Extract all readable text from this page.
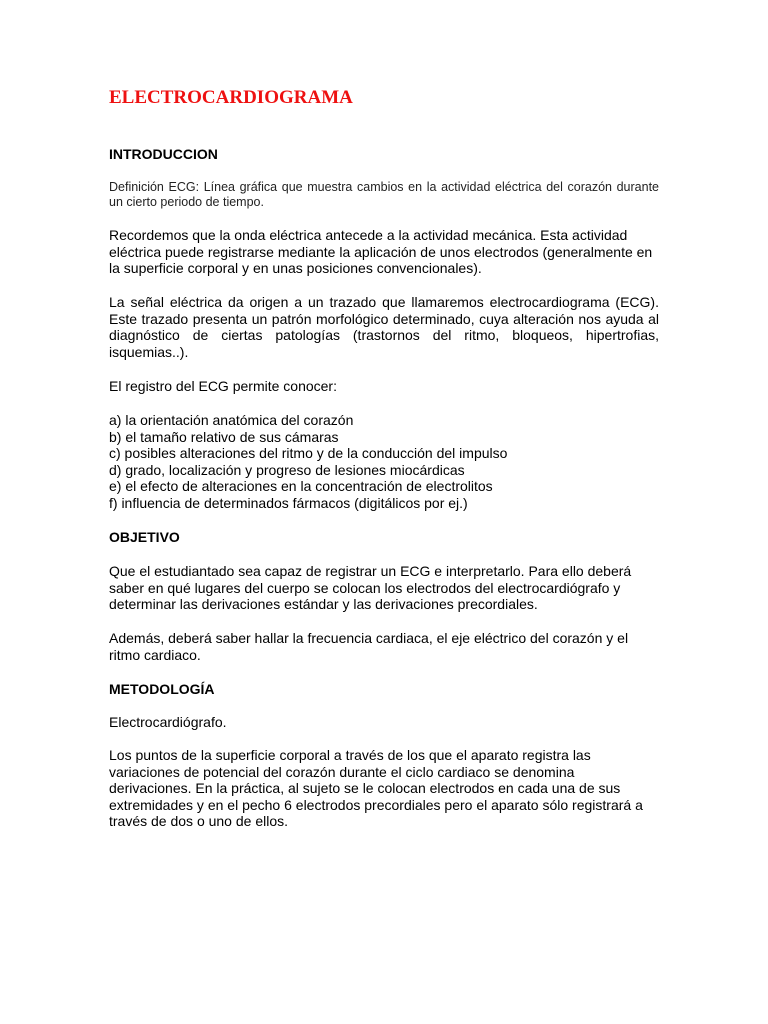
ELECTROCARDIOGRAMA
INTRODUCCION

Definición ECG: Línea gráfica que muestra cambios en la actividad eléctrica del corazón durante un cierto periodo de tiempo.

Recordemos que la onda eléctrica antecede a la actividad mecánica. Esta actividad eléctrica puede registrarse mediante la aplicación de unos electrodos (generalmente en la superficie corporal y en unas posiciones convencionales).

La señal eléctrica da origen a un trazado que llamaremos electrocardiograma (ECG). Este trazado presenta un patrón morfológico determinado, cuya alteración nos ayuda al diagnóstico de ciertas patologías (trastornos del ritmo, bloqueos, hipertrofias, isquemias..).

El registro del ECG permite conocer:

a) la orientación anatómica del corazón
b) el tamaño relativo de sus cámaras
c) posibles alteraciones del ritmo y de la conducción del impulso
d) grado, localización y progreso de lesiones miocárdicas
e) el efecto de alteraciones en la concentración de electrolitos
f) influencia de determinados fármacos (digitálicos por ej.)
OBJETIVO

Que el estudiantado sea capaz de registrar un ECG e interpretarlo. Para ello deberá saber en qué lugares del cuerpo se colocan los electrodos del electrocardiógrafo y determinar las derivaciones estándar y las derivaciones precordiales.

Además, deberá saber hallar la frecuencia cardiaca, el eje eléctrico del corazón y el ritmo cardiaco.

METODOLOGÍA

Electrocardiógrafo.

Los puntos de la superficie corporal a través de los que el aparato registra las variaciones de potencial del corazón durante el ciclo cardiaco se denomina derivaciones. En la práctica, al sujeto se le colocan electrodos en cada una de sus extremidades y en el pecho 6 electrodos precordiales pero el aparato sólo registrará a través de dos o uno de ellos.
